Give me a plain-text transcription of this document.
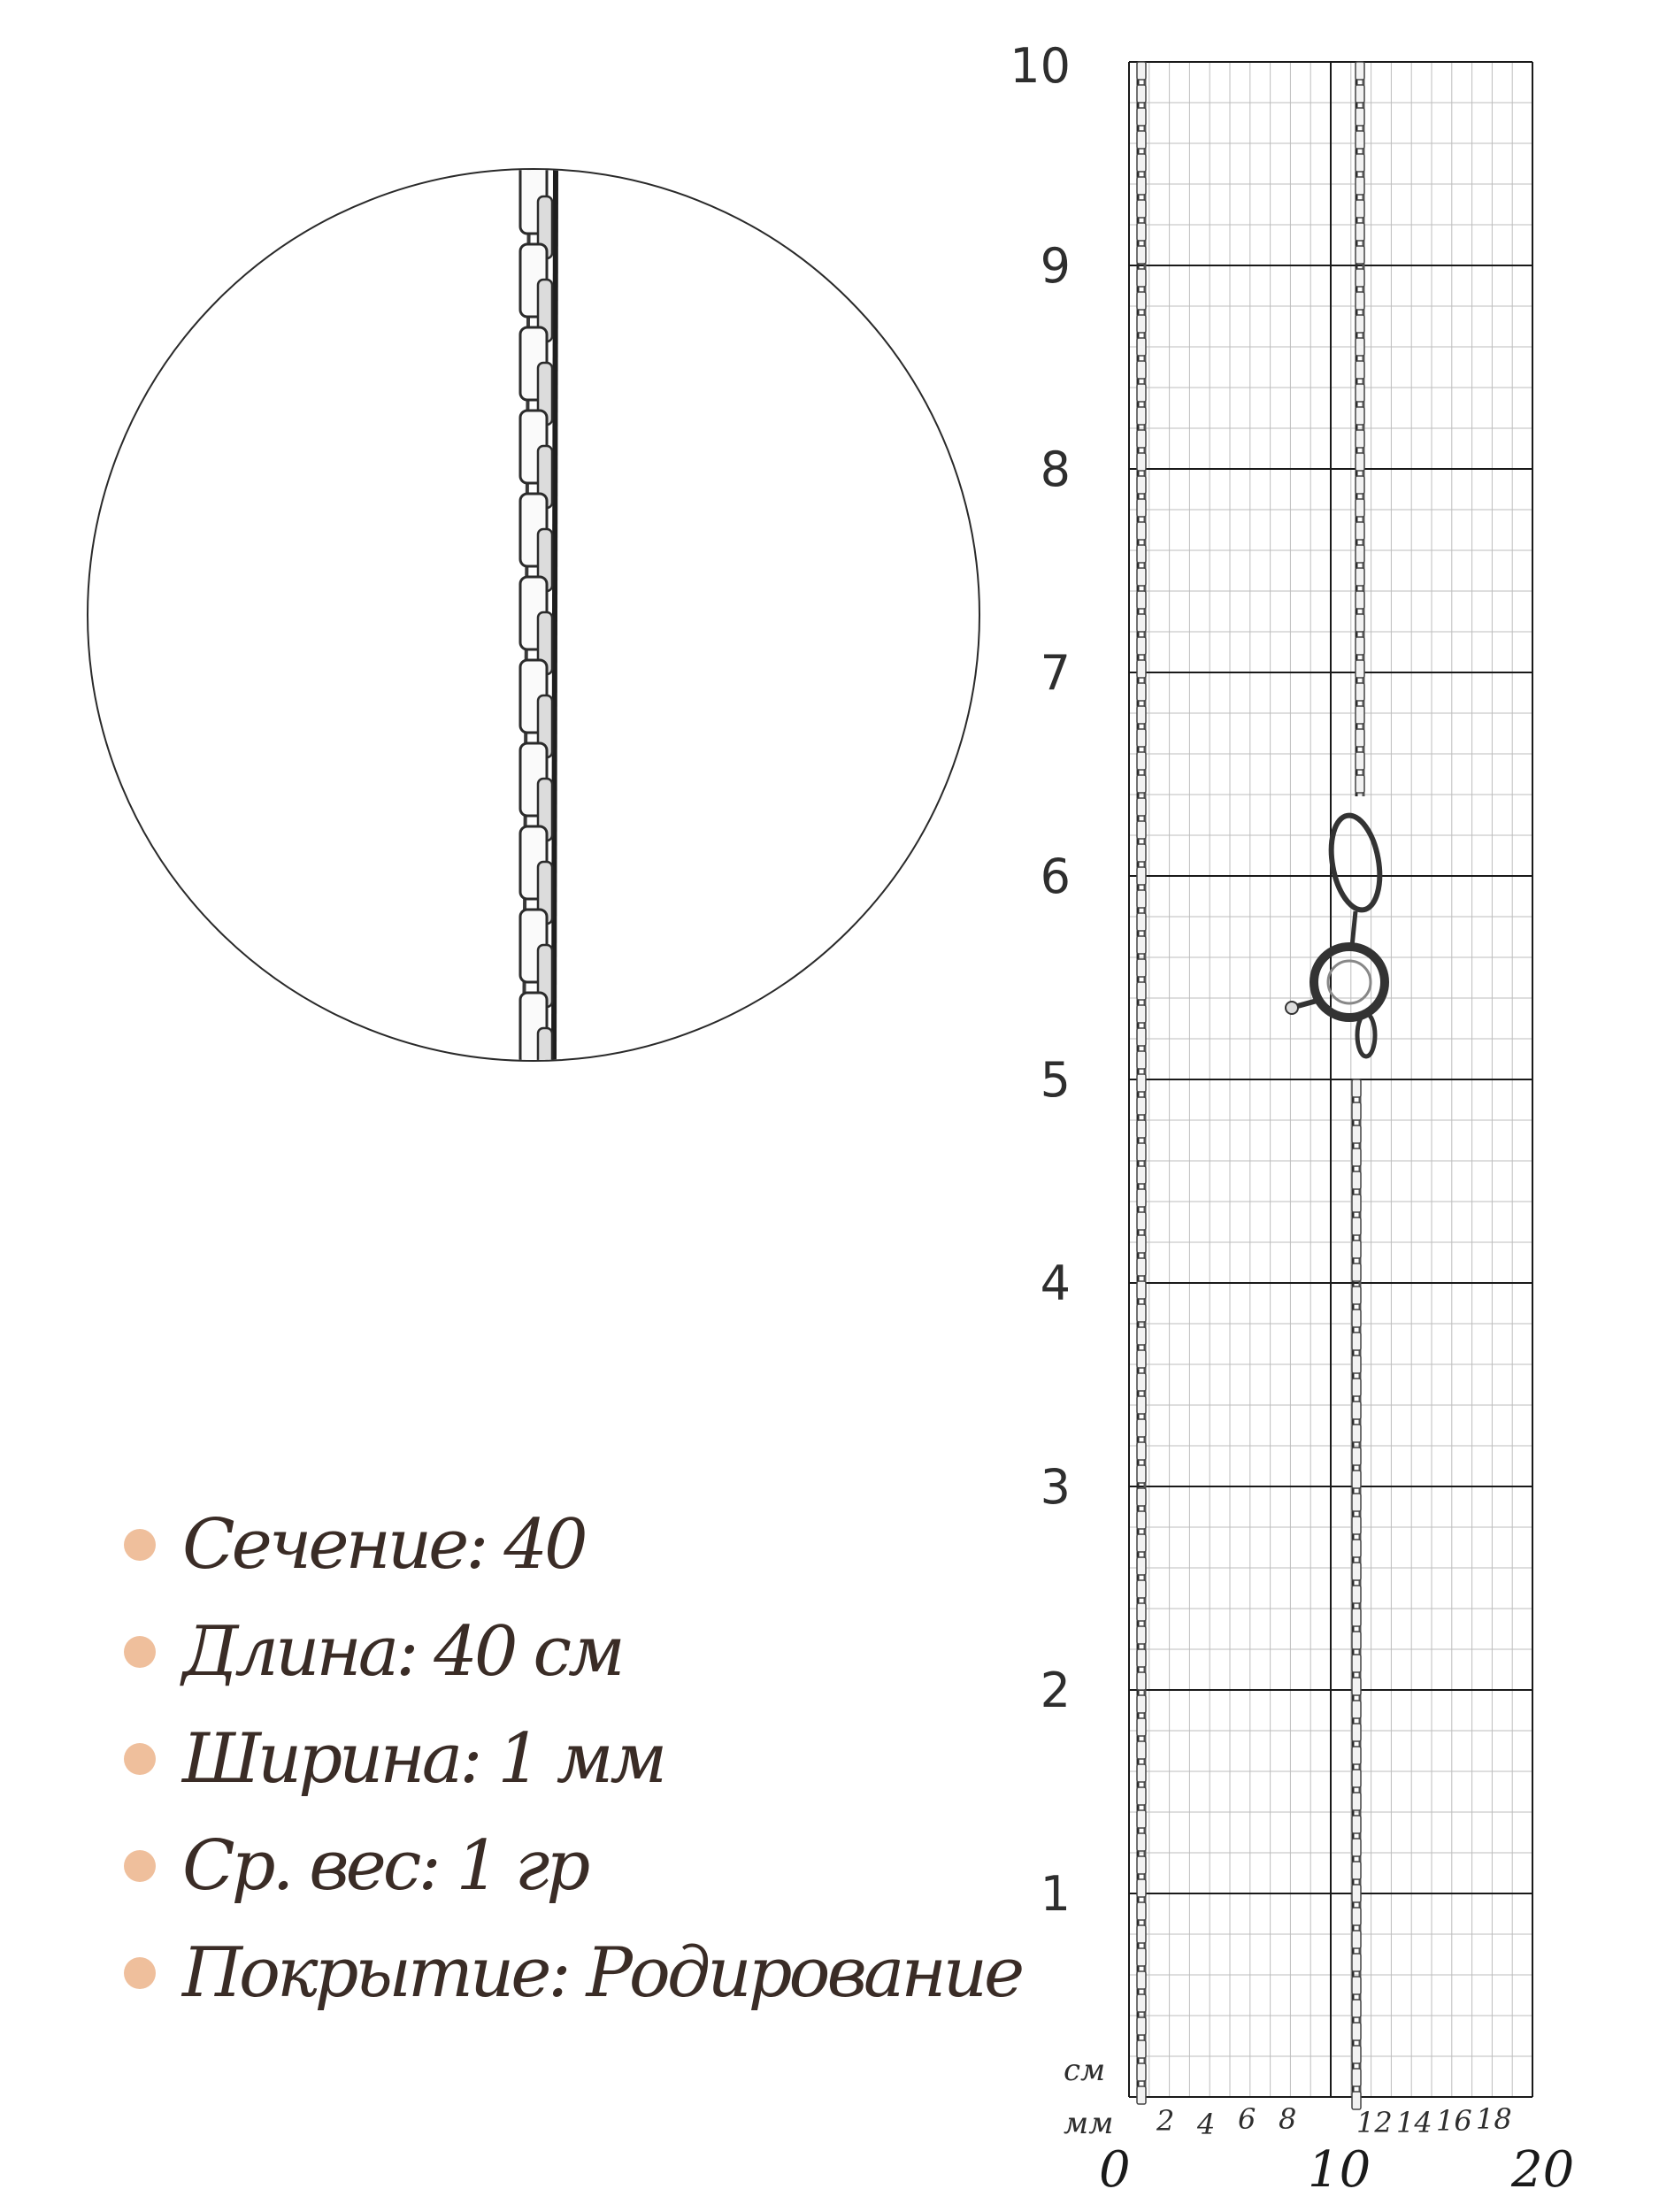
Сечение: 40
Длина: 40 см
Ширина: 1 мм
Ср. вес: 1 гр
Покрытие: Родирование
10
9
8
7
6
5
4
3
2
1
см
мм 2 4 6 8 12 14 16 18
0	10	20
